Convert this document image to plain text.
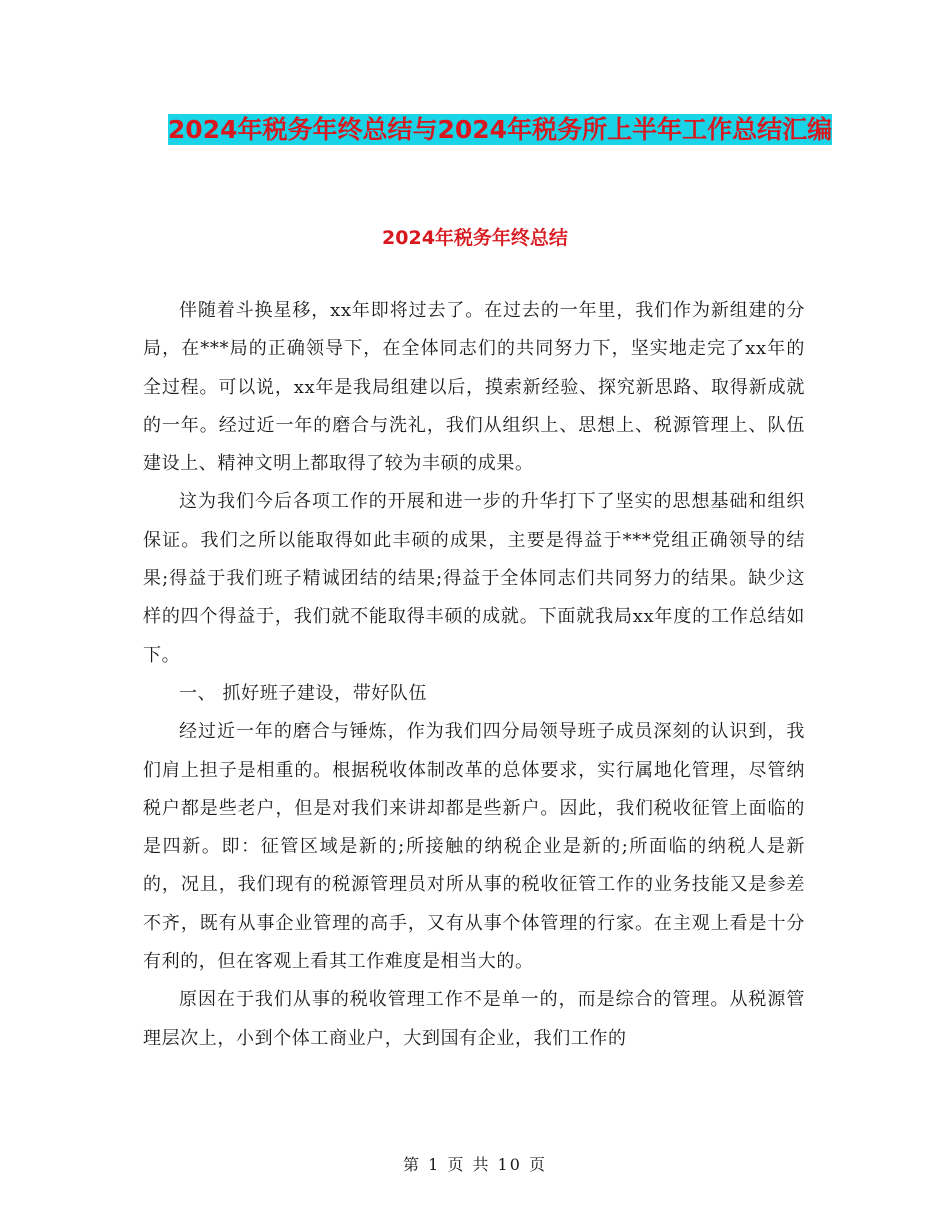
2024年税务年终总结与2024年税务所上半年工作总结汇编
2024年税务年终总结

伴随着斗换星移，xx年即将过去了。在过去的一年里，我们作为新组建的分局，在***局的正确领导下，在全体同志们的共同努力下，坚实地走完了xx年的全过程。可以说，xx年是我局组建以后，摸索新经验、探究新思路、取得新成就的一年。经过近一年的磨合与洗礼，我们从组织上、思想上、税源管理上、队伍建设上、精神文明上都取得了较为丰硕的成果。

这为我们今后各项工作的开展和进一步的升华打下了坚实的思想基础和组织保证。我们之所以能取得如此丰硕的成果，主要是得益于***党组正确领导的结果;得益于我们班子精诚团结的结果;得益于全体同志们共同努力的结果。缺少这样的四个得益于，我们就不能取得丰硕的成就。下面就我局xx年度的工作总结如下。

一、 抓好班子建设，带好队伍

经过近一年的磨合与锤炼，作为我们四分局领导班子成员深刻的认识到，我们肩上担子是相重的。根据税收体制改革的总体要求，实行属地化管理，尽管纳税户都是些老户，但是对我们来讲却都是些新户。因此，我们税收征管上面临的是四新。即：征管区域是新的;所接触的纳税企业是新的;所面临的纳税人是新的，况且，我们现有的税源管理员对所从事的税收征管工作的业务技能又是参差不齐，既有从事企业管理的高手，又有从事个体管理的行家。在主观上看是十分有利的，但在客观上看其工作难度是相当大的。

原因在于我们从事的税收管理工作不是单一的，而是综合的管理。从税源管理层次上，小到个体工商业户，大到国有企业，我们工作的

第 1 页 共 10 页
